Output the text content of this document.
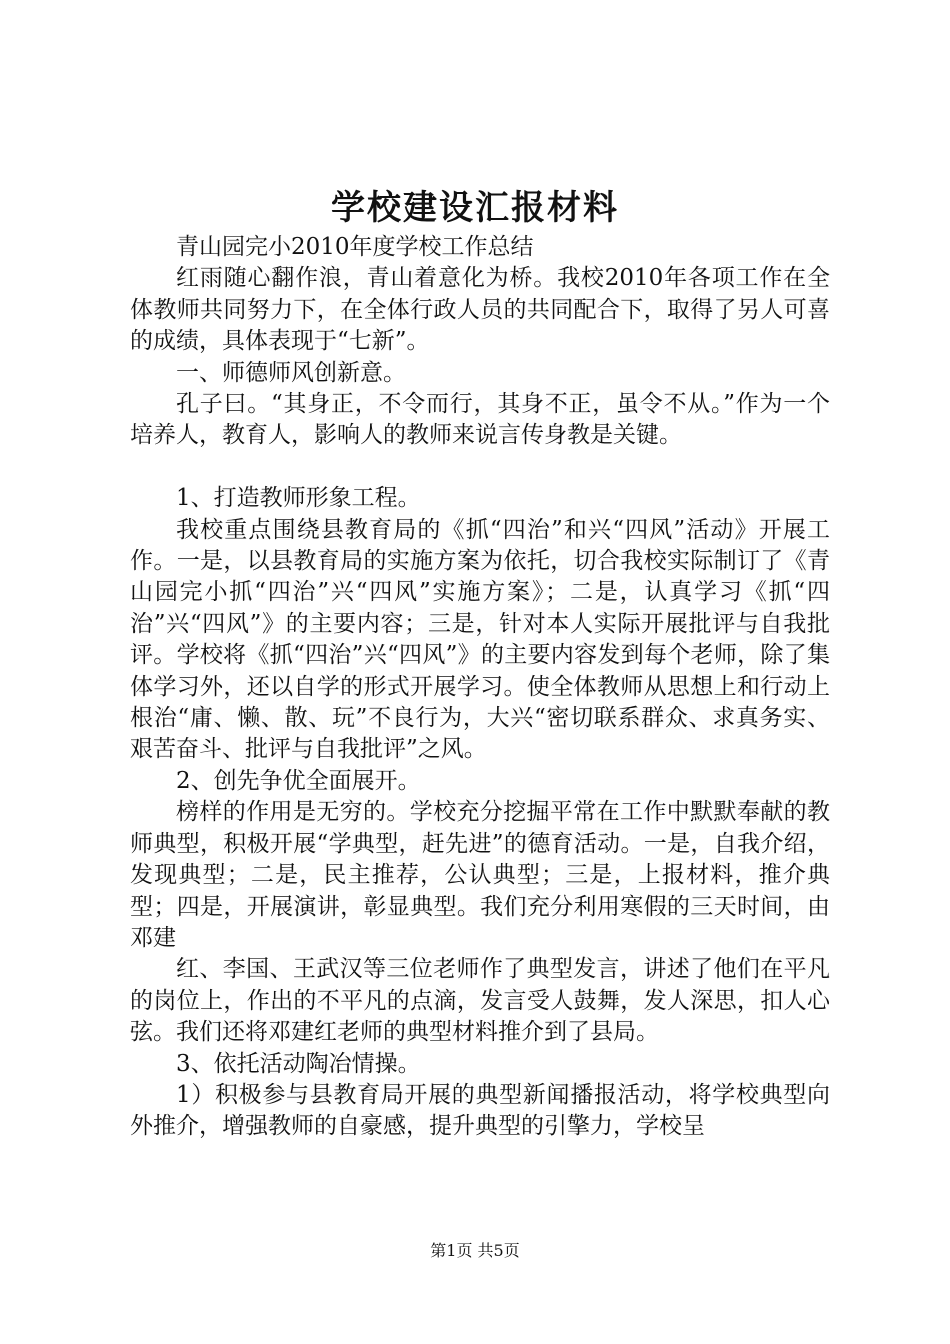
学校建设汇报材料

青山园完小2010年度学校工作总结

红雨随心翻作浪，青山着意化为桥。我校2010年各项工作在全体教师共同努力下，在全体行政人员的共同配合下，取得了另人可喜的成绩，具体表现于“七新”。

一、师德师风创新意。

孔子曰。“其身正，不令而行，其身不正，虽令不从。”作为一个培养人，教育人，影响人的教师来说言传身教是关键。

1、打造教师形象工程。

我校重点围绕县教育局的《抓“四治”和兴“四风”活动》开展工作。一是，以县教育局的实施方案为依托，切合我校实际制订了《青山园完小抓“四治”兴“四风”实施方案》；二是，认真学习《抓“四治”兴“四风”》的主要内容；三是，针对本人实际开展批评与自我批评。学校将《抓“四治”兴“四风”》的主要内容发到每个老师，除了集体学习外，还以自学的形式开展学习。使全体教师从思想上和行动上根治“庸、懒、散、玩”不良行为，大兴“密切联系群众、求真务实、艰苦奋斗、批评与自我批评”之风。

2、创先争优全面展开。

榜样的作用是无穷的。学校充分挖掘平常在工作中默默奉献的教师典型，积极开展“学典型，赶先进”的德育活动。一是，自我介绍，发现典型；二是，民主推荐，公认典型；三是，上报材料，推介典型；四是，开展演讲，彰显典型。我们充分利用寒假的三天时间，由邓建

红、李国、王武汉等三位老师作了典型发言，讲述了他们在平凡的岗位上，作出的不平凡的点滴，发言受人鼓舞，发人深思，扣人心弦。我们还将邓建红老师的典型材料推介到了县局。

3、依托活动陶冶情操。

1）积极参与县教育局开展的典型新闻播报活动，将学校典型向外推介，增强教师的自豪感，提升典型的引擎力，学校呈

第1页 共5页
